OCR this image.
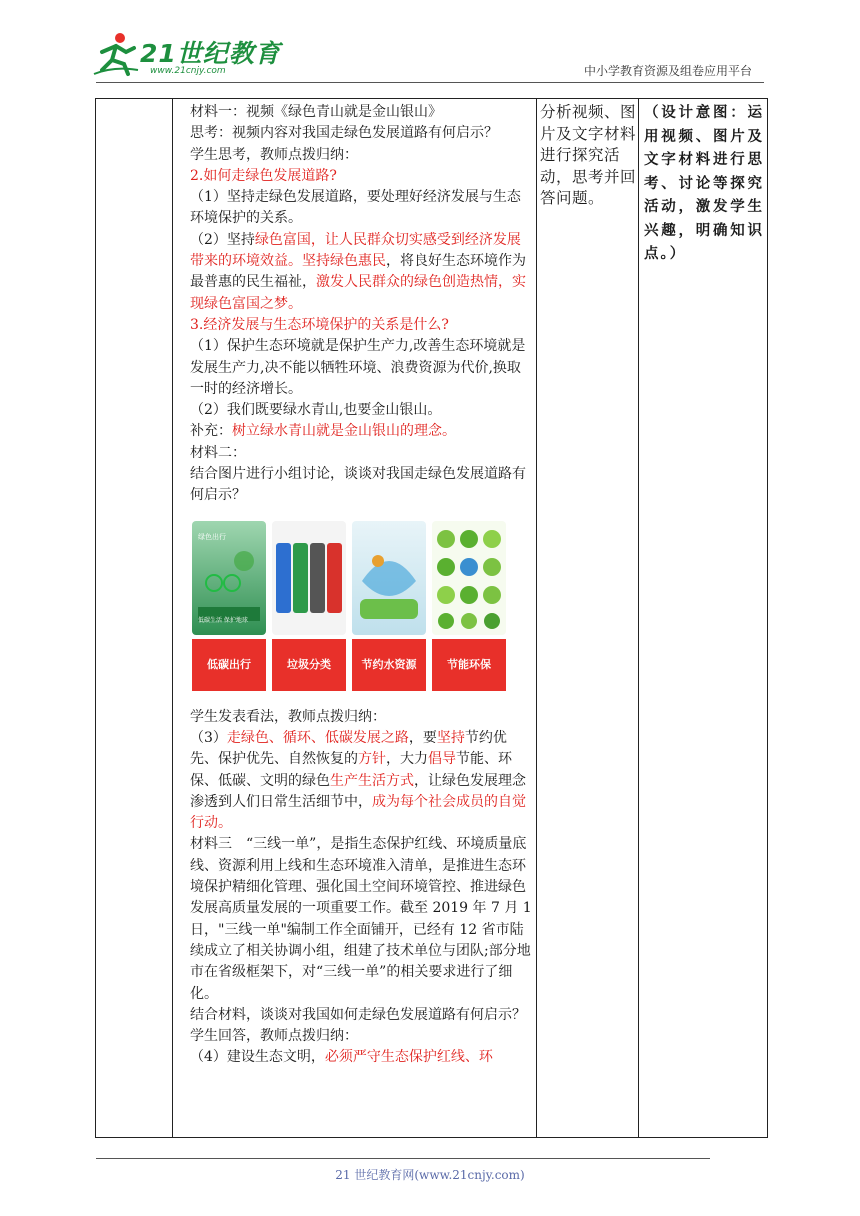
21世纪教育
www.21cnjy.com	中小学教育资源及组卷应用平台

材料一：视频《绿色青山就是金山银山》

思考：视频内容对我国走绿色发展道路有何启示？

学生思考，教师点拨归纳：

2.如何走绿色发展道路?

（1）坚持走绿色发展道路，要处理好经济发展与生态环境保护的关系。

（2）坚持绿色富国，让人民群众切实感受到经济发展带来的环境效益。坚持绿色惠民，将良好生态环境作为最普惠的民生福祉，激发人民群众的绿色创造热情，实现绿色富国之梦。

3.经济发展与生态环境保护的关系是什么?

（1）保护生态环境就是保护生产力,改善生态环境就是发展生产力,决不能以牺牲环境、浪费资源为代价,换取一时的经济增长。

（2）我们既要绿水青山,也要金山银山。

补充：树立绿水青山就是金山银山的理念。

材料二：

结合图片进行小组讨论，谈谈对我国走绿色发展道路有何启示？

绿色出行
低碳生活 保护地球
低碳出行	垃圾分类	节约水资源	节能环保

学生发表看法，教师点拨归纳：

（3）走绿色、循环、低碳发展之路，要坚持节约优先、保护优先、自然恢复的方针，大力倡导节能、环保、低碳、文明的绿色生产生活方式，让绿色发展理念渗透到人们日常生活细节中，成为每个社会成员的自觉行动。

材料三　“三线一单”，是指生态保护红线、环境质量底线、资源利用上线和生态环境准入清单，是推进生态环境保护精细化管理、强化国土空间环境管控、推进绿色发展高质量发展的一项重要工作。截至 2019 年 7 月 1 日，"三线一单"编制工作全面铺开，已经有 12 省市陆续成立了相关协调小组，组建了技术单位与团队;部分地市在省级框架下，对“三线一单”的相关要求进行了细化。

结合材料，谈谈对我国如何走绿色发展道路有何启示？

学生回答，教师点拨归纳：

（4）建设生态文明，必须严守生态保护红线、环

分析视频、图片及文字材料进行探究活动，思考并回答问题。
（设计意图：运用视频、图片及文字材料进行思考、讨论等探究活动，激发学生兴趣，明确知识点。）
21 世纪教育网(www.21cnjy.com)
